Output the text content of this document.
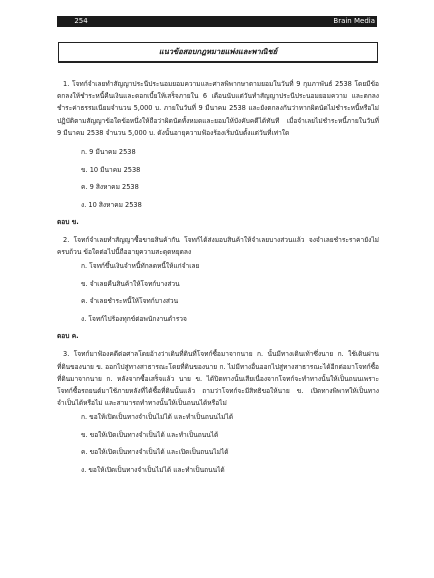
254	Brain Media
แนวข้อสอบกฎหมายแพ่งและพาณิชย์

1. โจทก์จำเลยทำสัญญาประนีประนอมยอมความและศาลพิพากษาตามยอมในวันที่ 9 กุมภาพันธ์ 2538 โดยมีข้อตกลงให้ชำระหนี้คืนเงินและดอกเบี้ยให้เสร็จภายใน 6 เดือนนับแต่วันทำสัญญาประนีประนอมยอมความ และตกลงชำระค่าธรรมเนียมจำนวน 5,000 บ. ภายในวันที่ 9 มีนาคม 2538 และยังตกลงกันว่าหากผิดนัดไม่ชำระหนี้หรือไม่ปฏิบัติตามสัญญาข้อใดข้อหนึ่งให้ถือว่าผิดนัดทั้งหมดและยอมให้บังคับคดีได้ทันที เมื่อจำเลยไม่ชำระหนี้ภายในวันที่ 9 มีนาคม 2538 จำนวน 5,000 บ. ดังนั้นอายุความฟ้องร้องเริ่มนับตั้งแต่วันที่เท่าใด

ก. 9 มีนาคม 2538

ข. 10 มีนาคม 2538

ค. 9 สิงหาคม 2538

ง. 10 สิงหาคม 2538

ตอบ ข.

2. โจทก์จำเลยทำสัญญาซื้อขายสินค้ากัน โจทก์ได้ส่งมอบสินค้าให้จำเลยบางส่วนแล้ว จงจำเลยชำระราคายังไม่ครบถ้วน ข้อใดต่อไปนี้ถืออายุความสะดุดหยุดลง

ก. โจทก์ขึ้นเงินจำหนี้ทักลดหนี้ให้แก่จำเลย

ข. จำเลยคืนสินค้าให้โจทก์บางส่วน

ค. จำเลยชำระหนี้ให้โจทก์บางส่วน

ง. โจทก์ไปร้องทุกข์ต่อพนักงานตำรวจ

ตอบ ค.

3. โจทก์มาฟ้องคดีต่อศาลโดยอ้างว่าเดินที่ดินที่โจทก์ซื้อมาจากนาย ก. นั้นมีทางเดินเท้าซึ่งนาย ก. ใช้เดินผ่านที่ดินของนาย ข. ออกไปสู่ทางสาธารณะโดยที่ดินของนาย ก. ไม่มีทางอื่นออกไปสู่ทางสาธารณะได้อีกต่อมาโจทก์ซื้อที่ดินมาจากนาย ก. หลังจากซื้อเสร็จแล้ว นาย ข. ได้ปิดทางนั้นเสียเนื่องจากโจทก์จะทำทางนั้นให้เป็นถนนเพราะโจทก์ซื้อรถยนต์มาใช้ภายหลังที่ได้ซื้อที่ดินนั้นแล้ว ถามว่าโจทก์จะมีสิทธิขอให้นาย ข. เปิดทางพิพาทให้เป็นทางจำเป็นได้หรือไม่ และสามารถทำทางนั้นให้เป็นถนนได้หรือไม่

ก. ขอให้เปิดเป็นทางจำเป็นไม่ได้ และทำเป็นถนนไม่ได้

ข. ขอให้เปิดเป็นทางจำเป็นได้ และทำเป็นถนนได้

ค. ขอให้เปิดเป็นทางจำเป็นได้ และเปิดเป็นถนนไม่ได้

ง. ขอให้เปิดเป็นทางจำเป็นไม่ได้ และทำเป็นถนนได้
